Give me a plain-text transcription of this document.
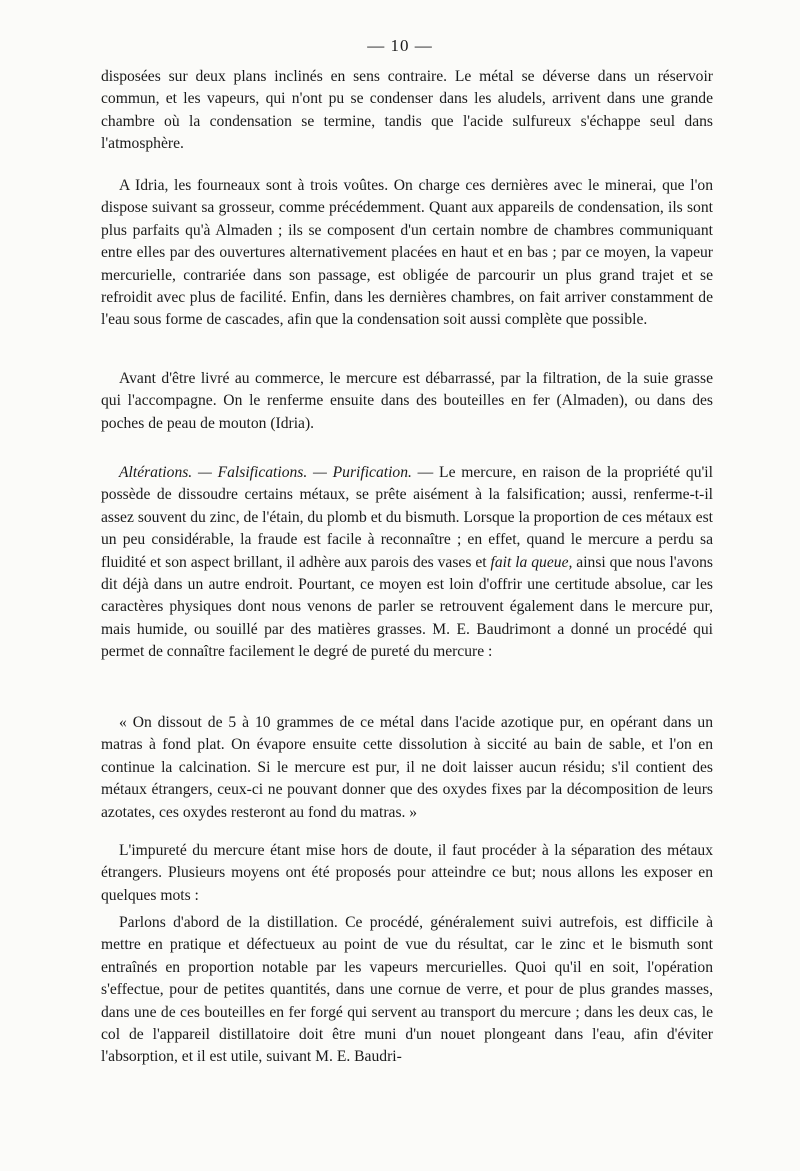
— 10 —

disposées sur deux plans inclinés en sens contraire. Le métal se déverse dans un réservoir commun, et les vapeurs, qui n'ont pu se condenser dans les aludels, arrivent dans une grande chambre où la condensation se termine, tandis que l'acide sulfureux s'échappe seul dans l'atmosphère.

A Idria, les fourneaux sont à trois voûtes. On charge ces dernières avec le minerai, que l'on dispose suivant sa grosseur, comme précédemment. Quant aux appareils de condensation, ils sont plus parfaits qu'à Almaden ; ils se composent d'un certain nombre de chambres communiquant entre elles par des ouvertures alternativement placées en haut et en bas ; par ce moyen, la vapeur mercurielle, contrariée dans son passage, est obligée de parcourir un plus grand trajet et se refroidit avec plus de facilité. Enfin, dans les dernières chambres, on fait arriver constamment de l'eau sous forme de cascades, afin que la condensation soit aussi complète que possible.

Avant d'être livré au commerce, le mercure est débarrassé, par la filtration, de la suie grasse qui l'accompagne. On le renferme ensuite dans des bouteilles en fer (Almaden), ou dans des poches de peau de mouton (Idria).

Altérations. — Falsifications. — Purification. — Le mercure, en raison de la propriété qu'il possède de dissoudre certains métaux, se prête aisément à la falsification; aussi, renferme-t-il assez souvent du zinc, de l'étain, du plomb et du bismuth. Lorsque la proportion de ces métaux est un peu considérable, la fraude est facile à reconnaître ; en effet, quand le mercure a perdu sa fluidité et son aspect brillant, il adhère aux parois des vases et fait la queue, ainsi que nous l'avons dit déjà dans un autre endroit. Pourtant, ce moyen est loin d'offrir une certitude absolue, car les caractères physiques dont nous venons de parler se retrouvent également dans le mercure pur, mais humide, ou souillé par des matières grasses. M. E. Baudrimont a donné un procédé qui permet de connaître facilement le degré de pureté du mercure :

« On dissout de 5 à 10 grammes de ce métal dans l'acide azotique pur, en opérant dans un matras à fond plat. On évapore ensuite cette dissolution à siccité au bain de sable, et l'on en continue la calcination. Si le mercure est pur, il ne doit laisser aucun résidu; s'il contient des métaux étrangers, ceux-ci ne pouvant donner que des oxydes fixes par la décomposition de leurs azotates, ces oxydes resteront au fond du matras. »

L'impureté du mercure étant mise hors de doute, il faut procéder à la séparation des métaux étrangers. Plusieurs moyens ont été proposés pour atteindre ce but; nous allons les exposer en quelques mots :

Parlons d'abord de la distillation. Ce procédé, généralement suivi autrefois, est difficile à mettre en pratique et défectueux au point de vue du résultat, car le zinc et le bismuth sont entraînés en proportion notable par les vapeurs mercurielles. Quoi qu'il en soit, l'opération s'effectue, pour de petites quantités, dans une cornue de verre, et pour de plus grandes masses, dans une de ces bouteilles en fer forgé qui servent au transport du mercure ; dans les deux cas, le col de l'appareil distillatoire doit être muni d'un nouet plongeant dans l'eau, afin d'éviter l'absorption, et il est utile, suivant M. E. Baudri-
